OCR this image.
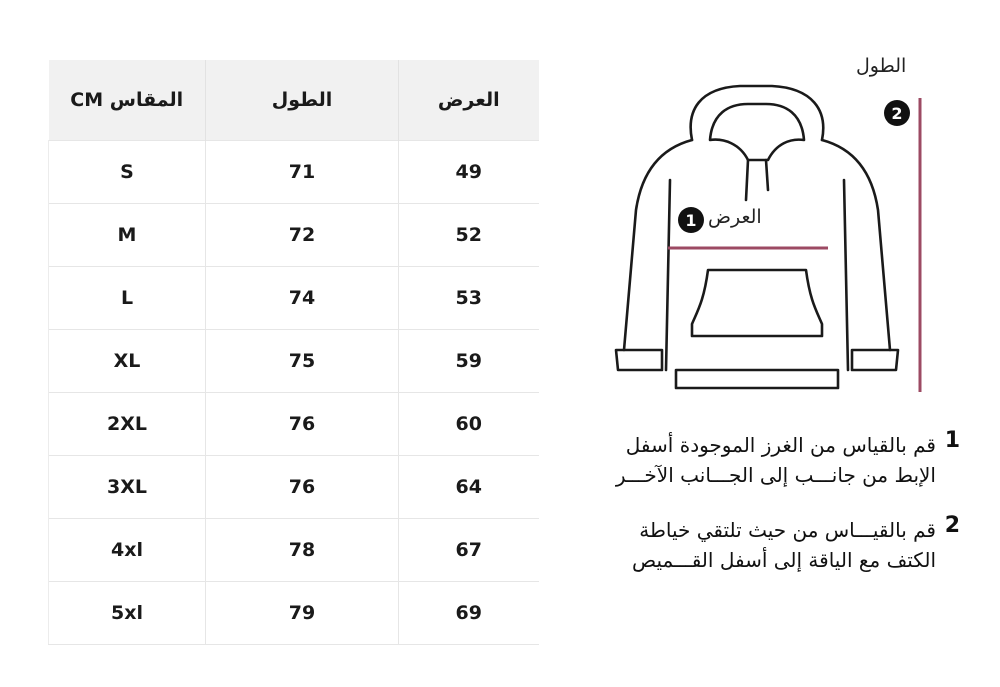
المقاس CM	الطول	العرض
S	71	49
M	72	52
L	74	53
XL	75	59
2XL	76	60
3XL	76	64
4xl	78	67
5xl	79	69
الطول
2
1 العرض
1
قم بالقياس من الغرز الموجودة أسفل
الإبط من جانـــب إلى الجـــانب الآخـــر
2
قم بالقيـــاس من حيث تلتقي خياطة
الكتف مع الياقة إلى أسفل القـــميص
